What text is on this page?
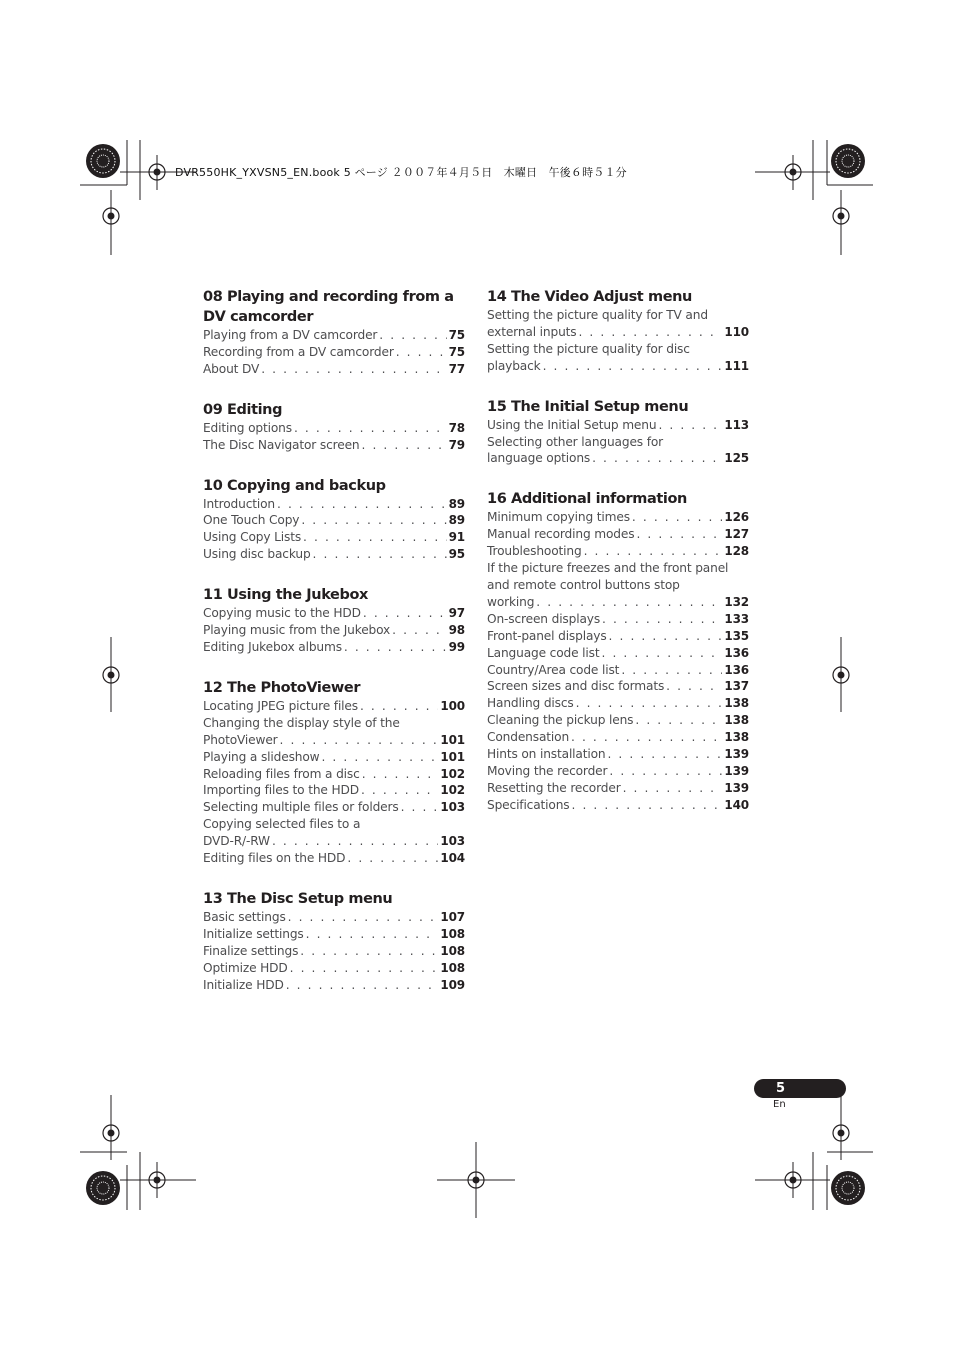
DVR550HK_YXVSN5_EN.book 5 ページ ２００７年４月５日　木曜日　午後６時５１分
08 Playing and recording from a DV camcorder
Playing from a DV camcorder . . .	75
Recording from a DV camcorder . . .	75
About DV . . .	77
09 Editing
Editing options . . .	78
The Disc Navigator screen . . .	79
10 Copying and backup
Introduction . . .	89
One Touch Copy . . .	89
Using Copy Lists . . .	91
Using disc backup . . .	95
11 Using the Jukebox
Copying music to the HDD . . .	97
Playing music from the Jukebox . . .	98
Editing Jukebox albums . . .	99
12 The PhotoViewer
Locating JPEG picture files . . .	100
Changing the display style of the
PhotoViewer . . .	101
Playing a slideshow . . .	101
Reloading files from a disc . . .	102
Importing files to the HDD . . .	102
Selecting multiple files or folders . . .	103
Copying selected files to a
DVD-R/-RW . . .	103
Editing files on the HDD . . .	104
13 The Disc Setup menu
Basic settings . . .	107
Initialize settings . . .	108
Finalize settings . . .	108
Optimize HDD . . .	108
Initialize HDD . . .	109
14 The Video Adjust menu
Setting the picture quality for TV and
external inputs . . .	110
Setting the picture quality for disc
playback . . .	111
15 The Initial Setup menu
Using the Initial Setup menu . . .	113
Selecting other languages for
language options . . .	125
16 Additional information
Minimum copying times . . .	126
Manual recording modes . . .	127
Troubleshooting . . .	128
If the picture freezes and the front panel and remote control buttons stop
working . . .	132
On-screen displays . . .	133
Front-panel displays . . .	135
Language code list . . .	136
Country/Area code list . . .	136
Screen sizes and disc formats . . .	137
Handling discs . . .	138
Cleaning the pickup lens . . .	138
Condensation . . .	138
Hints on installation . . .	139
Moving the recorder . . .	139
Resetting the recorder . . .	139
Specifications . . .	140
5
En
